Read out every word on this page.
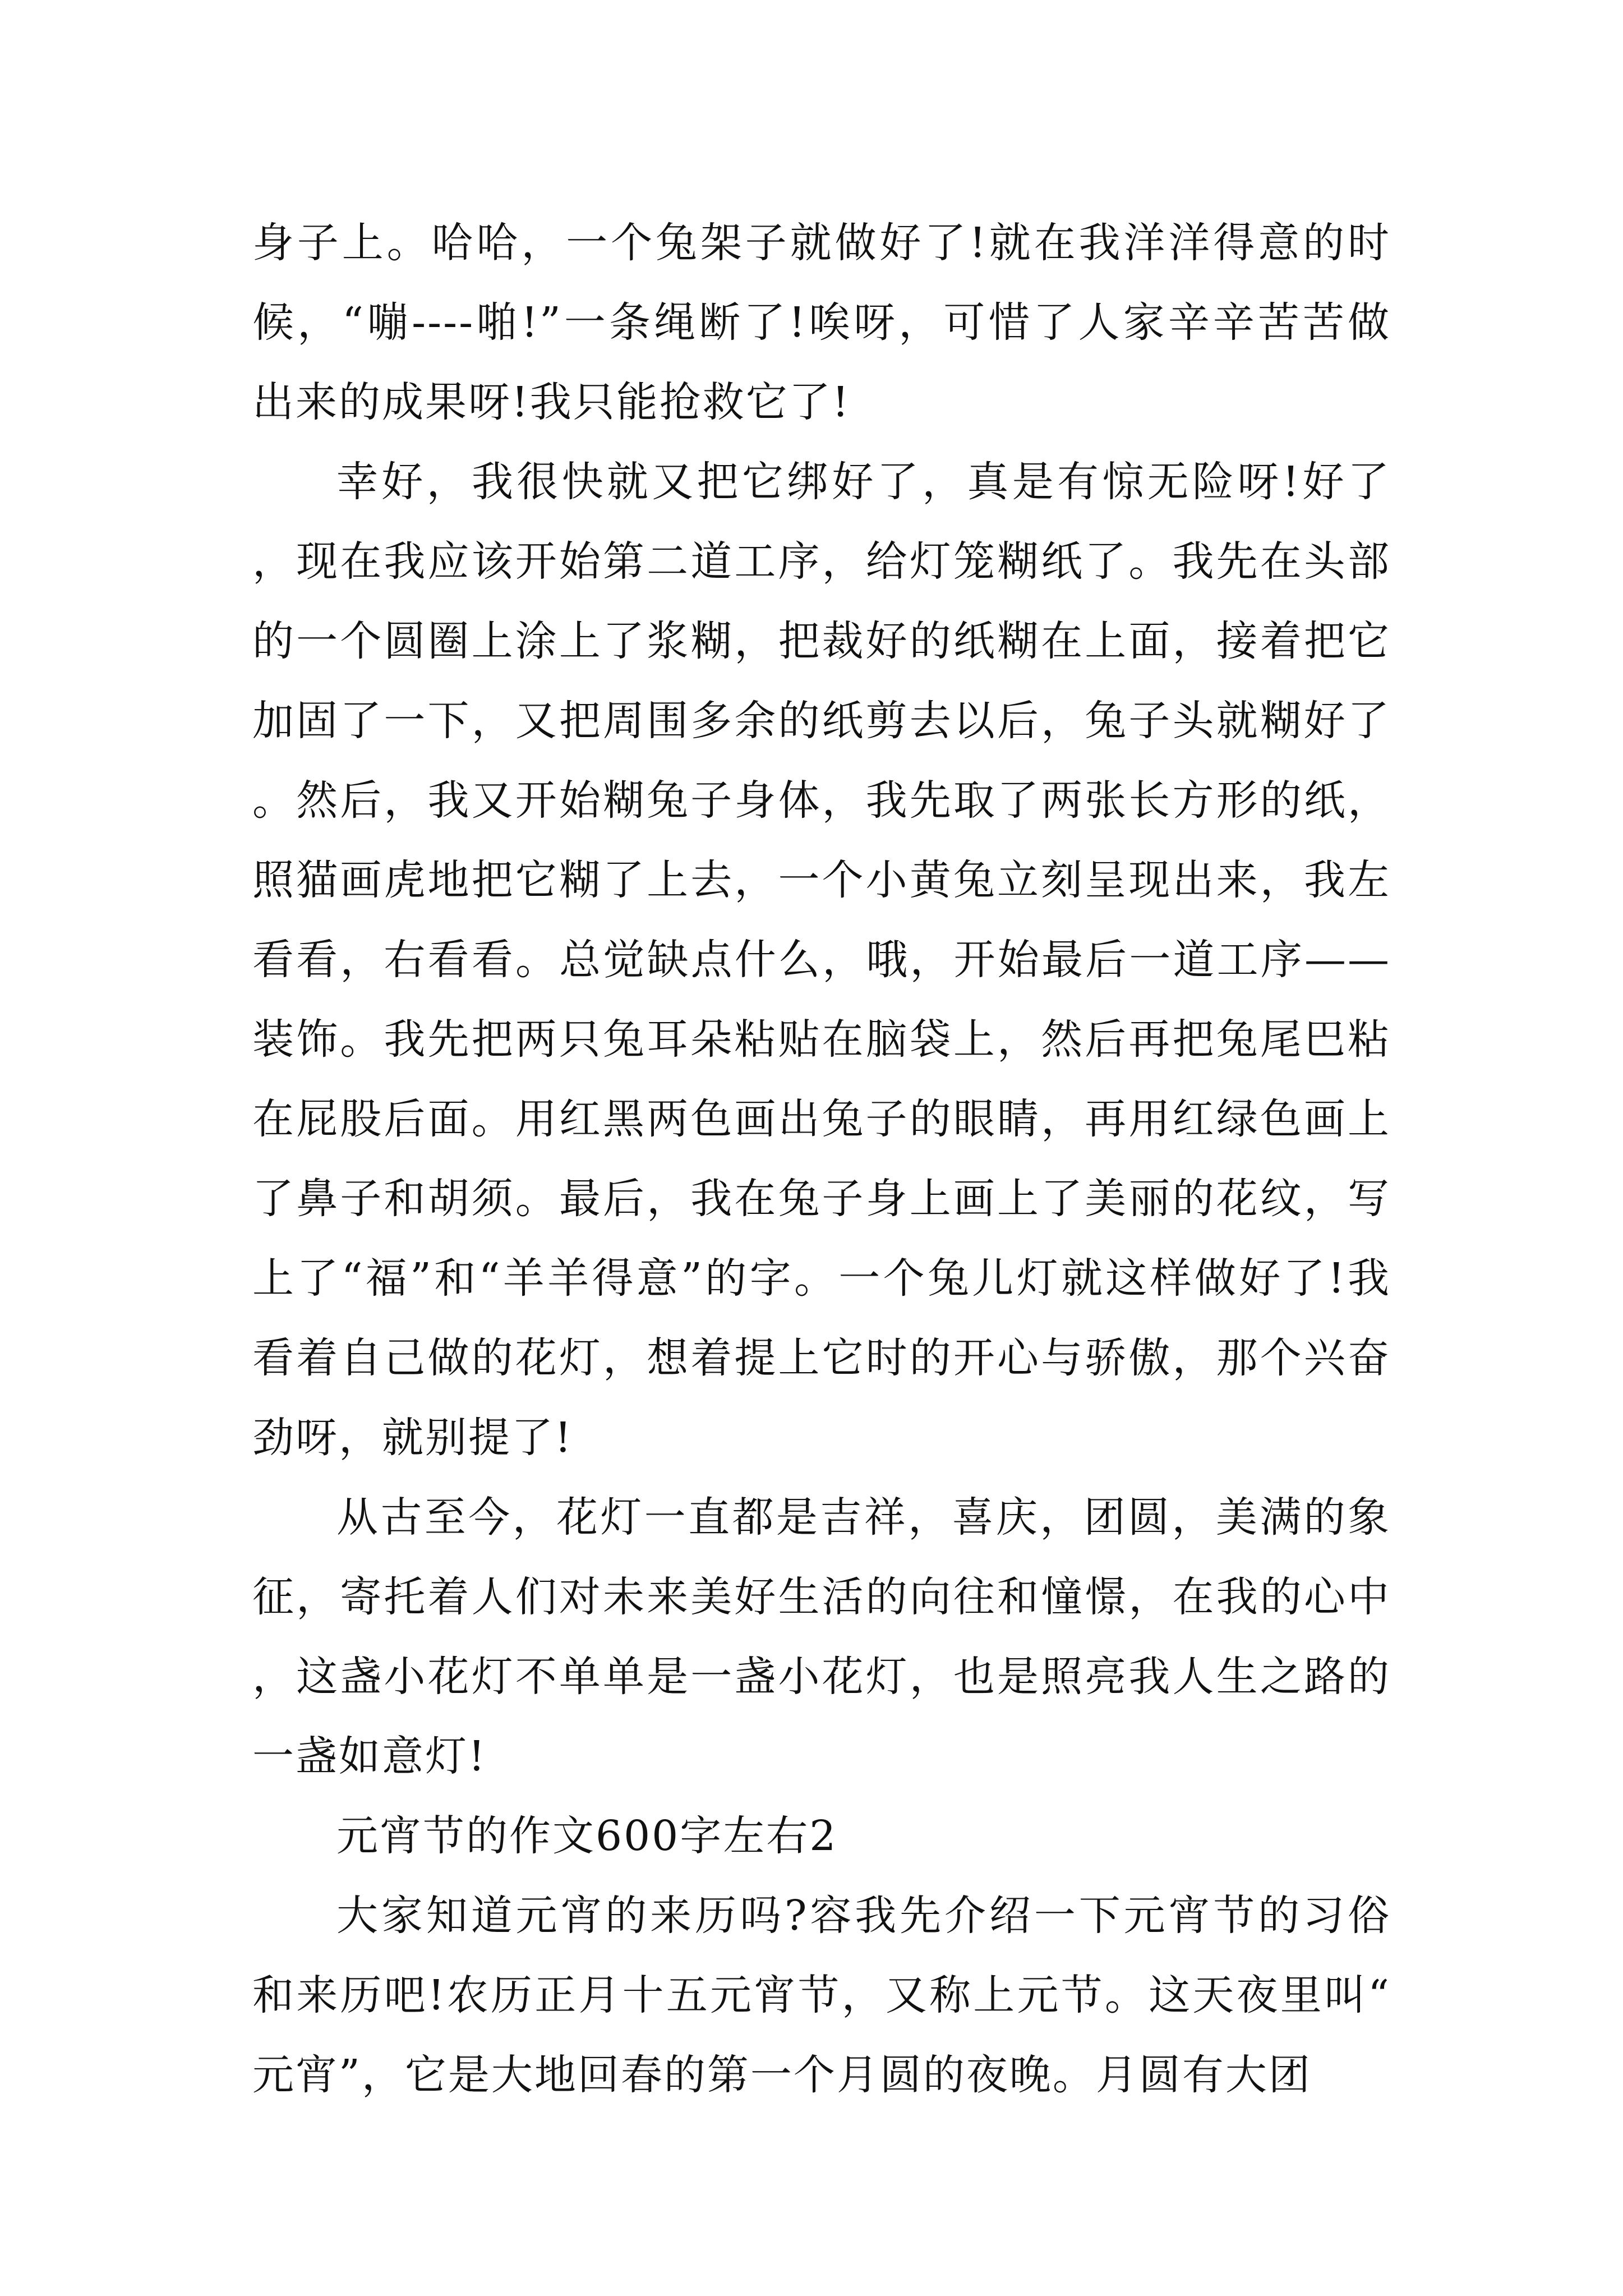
身子上。哈哈，一个兔架子就做好了!就在我洋洋得意的时候，“嘣----啪!”一条绳断了!唉呀，可惜了人家辛辛苦苦做出来的成果呀!我只能抢救它了!

幸好，我很快就又把它绑好了，真是有惊无险呀!好了，现在我应该开始第二道工序，给灯笼糊纸了。我先在头部的一个圆圈上涂上了浆糊，把裁好的纸糊在上面，接着把它加固了一下，又把周围多余的纸剪去以后，兔子头就糊好了。然后，我又开始糊兔子身体，我先取了两张长方形的纸，照猫画虎地把它糊了上去，一个小黄兔立刻呈现出来，我左看看，右看看。总觉缺点什么，哦，开始最后一道工序——装饰。我先把两只兔耳朵粘贴在脑袋上，然后再把兔尾巴粘在屁股后面。用红黑两色画出兔子的眼睛，再用红绿色画上了鼻子和胡须。最后，我在兔子身上画上了美丽的花纹，写上了“福”和“羊羊得意”的字。一个兔儿灯就这样做好了!我看着自己做的花灯，想着提上它时的开心与骄傲，那个兴奋劲呀，就别提了!

从古至今，花灯一直都是吉祥，喜庆，团圆，美满的象征，寄托着人们对未来美好生活的向往和憧憬，在我的心中，这盏小花灯不单单是一盏小花灯，也是照亮我人生之路的一盏如意灯!

元宵节的作文600字左右2

大家知道元宵的来历吗?容我先介绍一下元宵节的习俗和来历吧!农历正月十五元宵节，又称上元节。这天夜里叫“元宵”，它是大地回春的第一个月圆的夜晚。月圆有大团
